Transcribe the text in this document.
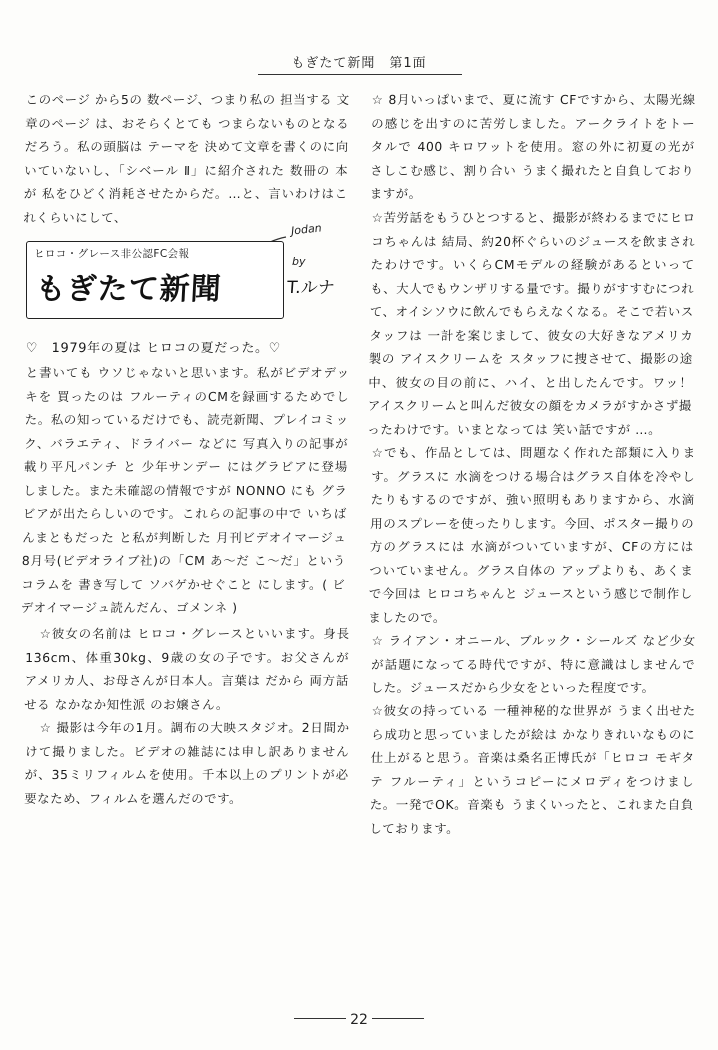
もぎたて新聞　第1面

このページ から5の 数ページ、つまり私の 担当する 文章のページ は、おそらくとても つまらないものとなるだろう。私の頭脳は テーマを 決めて文章を書くのに向いていないし、「シベール Ⅱ」に紹介された 数冊の 本が 私をひどく消耗させたからだ。…と、言いわけはこれくらいにして、

Jodan
ヒロコ・グレース非公認FC会報
もぎたて新聞
by
T.ルナ

♡　1979年の夏は ヒロコの夏だった。♡

と書いても ウソじゃないと思います。私がビデオデッキを 買ったのは フルーティのCMを録画するためでした。私の知っているだけでも、読売新聞、プレイコミック、バラエティ、ドライバー などに 写真入りの記事が載り平凡パンチ と 少年サンデー にはグラビアに登場しました。また未確認の情報ですが NONNO にも グラビアが出たらしいのです。これらの記事の中で いちばんまともだった と私が判断した 月刊ビデオイマージュ8月号(ビデオライブ社)の「CM あ～だ こ～だ」という コラムを 書き写して ソバゲかせぐこと にします。( ビデオイマージュ読んだん、ゴメンネ )

☆彼女の名前は ヒロコ・グレースといいます。身長136cm、体重30kg、9歳の女の子です。お父さんが アメリカ人、お母さんが日本人。言葉は だから 両方話せる なかなか知性派 のお嬢さん。

☆ 撮影は今年の1月。調布の大映スタジオ。2日間かけて撮りました。ビデオの雑誌には申し訳ありませんが、35ミリフィルムを使用。千本以上のプリントが必要なため、フィルムを選んだのです。

☆ 8月いっぱいまで、夏に流す CFですから、太陽光線の感じを出すのに苦労しました。アークライトをトータルで 400 キロワットを使用。窓の外に初夏の光が さしこむ感じ、割り合い うまく撮れたと自負しておりますが。

☆苦労話をもうひとつすると、撮影が終わるまでにヒロコちゃんは 結局、約20杯ぐらいのジュースを飲まされたわけです。いくらCMモデルの経験があるといっても、大人でもウンザリする量です。撮りがすすむにつれて、オイシソウに飲んでもらえなくなる。そこで若いスタッフは 一計を案じまして、彼女の大好きなアメリカ製の アイスクリームを スタッフに捜させて、撮影の途中、彼女の目の前に、ハイ、と出したんです。ワッ！ アイスクリームと叫んだ彼女の顔をカメラがすかさず撮ったわけです。いまとなっては 笑い話ですが …。

☆でも、作品としては、問題なく作れた部類に入ります。グラスに 水滴をつける場合はグラス自体を冷やしたりもするのですが、強い照明もありますから、水滴用のスプレーを使ったりします。今回、ポスター撮りの方のグラスには 水滴がついていますが、CFの方には ついていません。グラス自体の アップよりも、あくまで今回は ヒロコちゃんと ジュースという感じで制作しましたので。

☆ ライアン・オニール、ブルック・シールズ など少女が話題になってる時代ですが、特に意識はしませんでした。ジュースだから少女をといった程度です。

☆彼女の持っている 一種神秘的な世界が うまく出せたら成功と思っていましたが絵は かなりきれいなものに仕上がると思う。音楽は桑名正博氏が「ヒロコ モギタテ フルーティ」というコピーにメロディをつけました。一発でOK。音楽も うまくいったと、これまた自負しております。

22
